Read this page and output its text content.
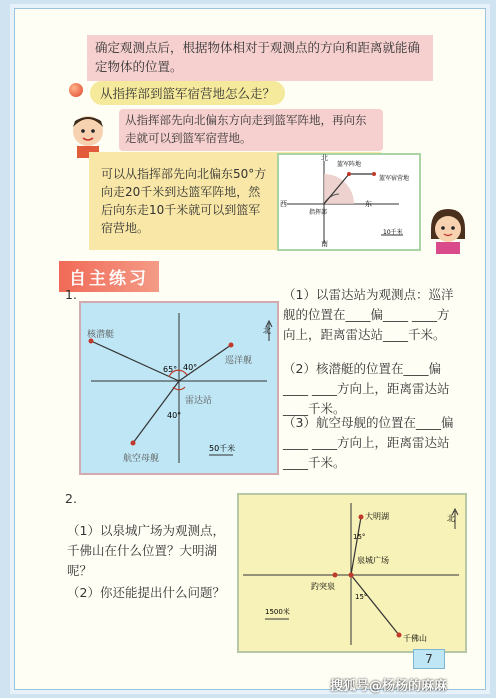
确定观测点后，根据物体相对于观测点的方向和距离就能确定物体的位置。
从指挥部到篮军宿营地怎么走？
从指挥部先向北偏东方向走到篮军阵地，再向东走就可以到篮军宿营地。
可以从指挥部先向北偏东50°方向走20千米到达篮军阵地，然后向东走10千米就可以到篮军宿营地。
北
南
西	东
篮军阵地
篮军宿营地
指挥部
10千米
自主练习
1.
北
核潜艇
巡洋舰
雷达站
航空母舰
65° 40°
40°
50千米
（1）以雷达站为观测点：巡洋舰的位置在____偏____ ____方向上，距离雷达站____千米。
（2）核潜艇的位置在____偏____ ____方向上，距离雷达站____千米。
（3）航空母舰的位置在____偏____ ____方向上，距离雷达站____千米。
2.
（1）以泉城广场为观测点，千佛山在什么位置？大明湖呢？
（2）你还能提出什么问题？
北
大明湖
泉城广场
趵突泉
千佛山
15°
15°
1500米
7
搜狐号@杨杨的麻麻
